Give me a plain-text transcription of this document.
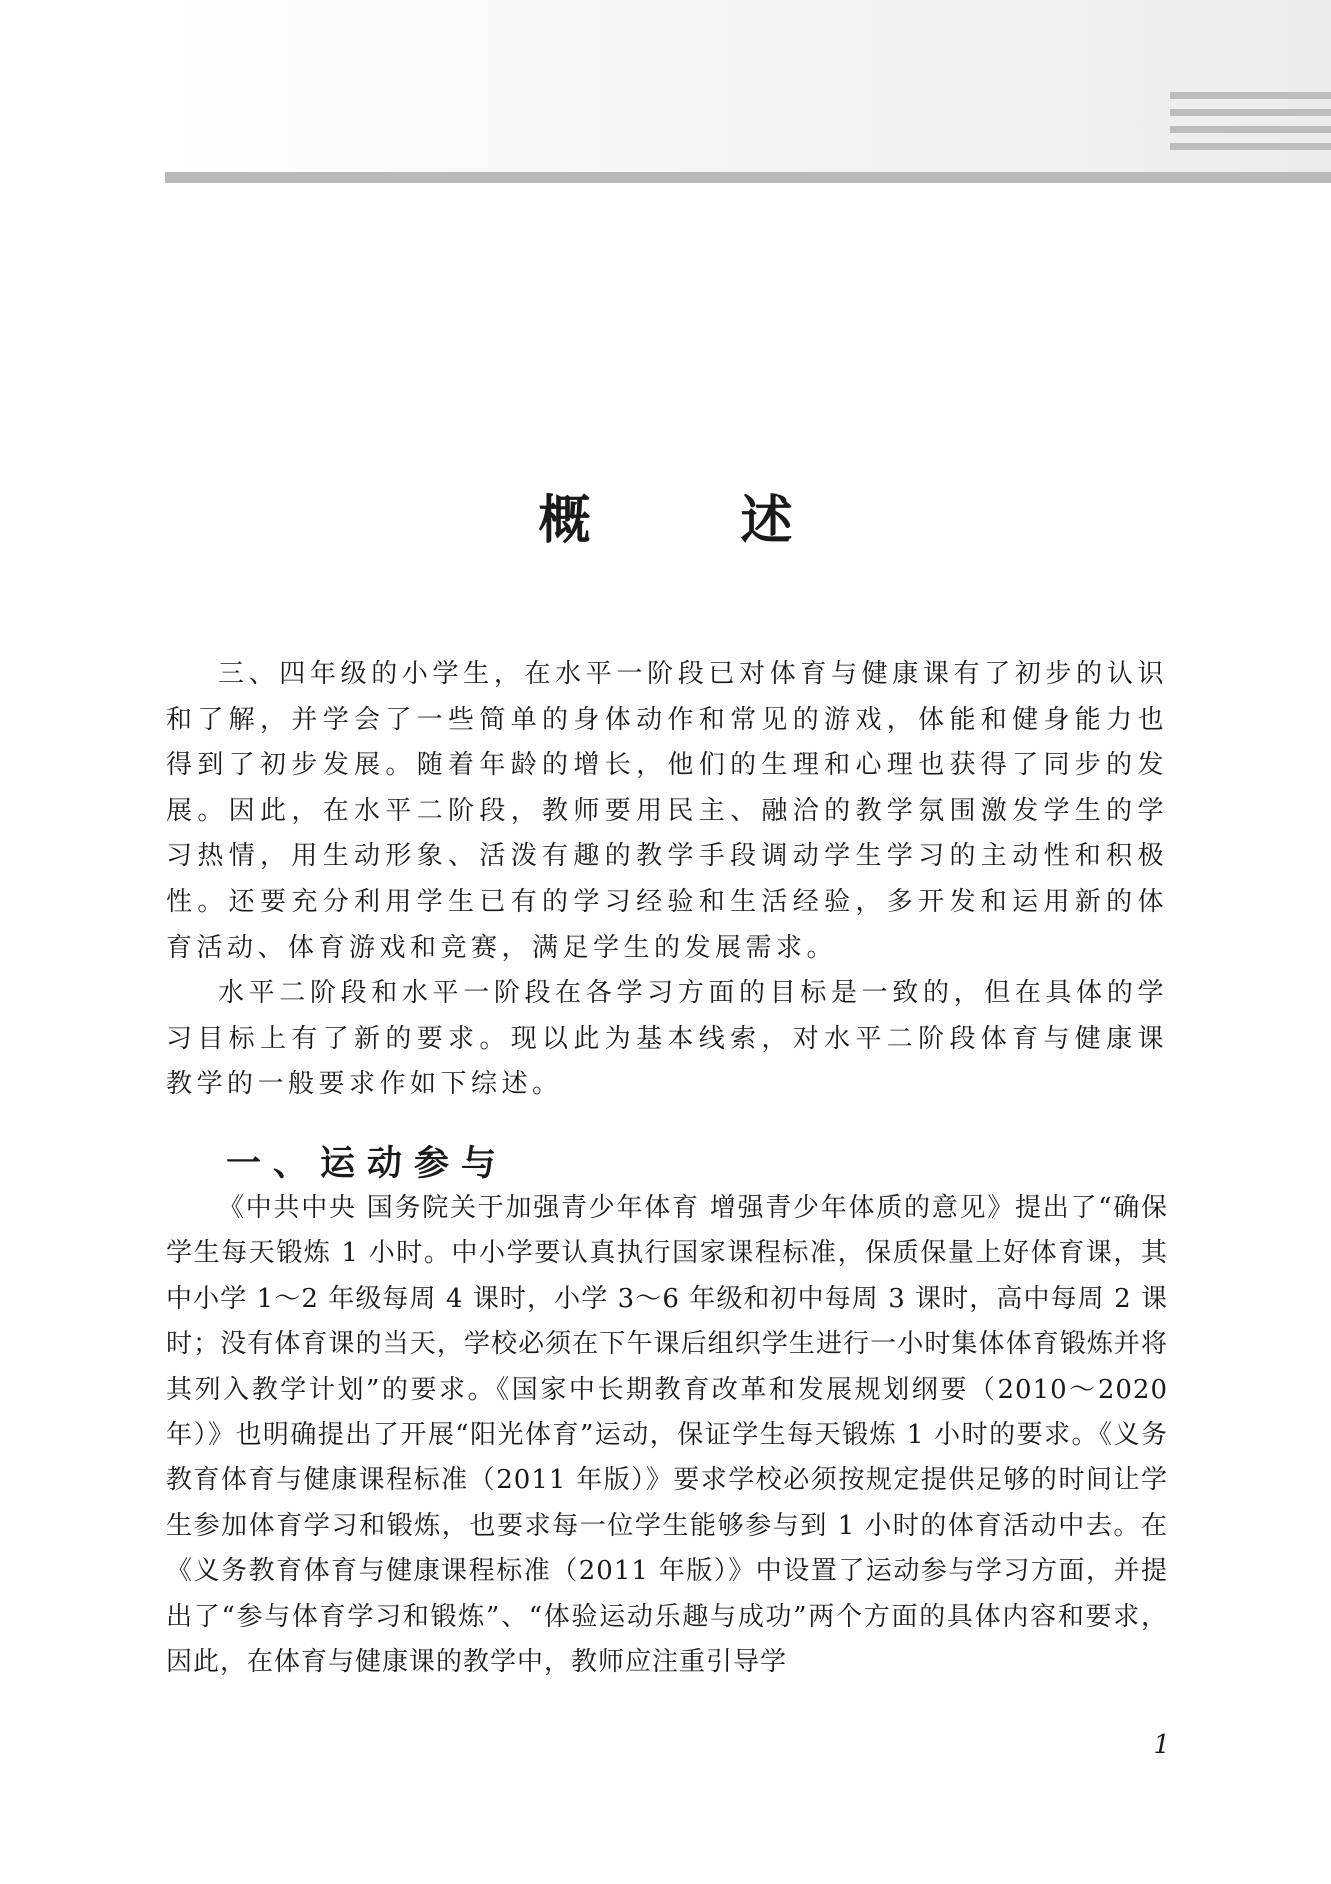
概述

三、四年级的小学生，在水平一阶段已对体育与健康课有了初步的认识和了解，并学会了一些简单的身体动作和常见的游戏，体能和健身能力也得到了初步发展。随着年龄的增长，他们的生理和心理也获得了同步的发展。因此，在水平二阶段，教师要用民主、融洽的教学氛围激发学生的学习热情，用生动形象、活泼有趣的教学手段调动学生学习的主动性和积极性。还要充分利用学生已有的学习经验和生活经验，多开发和运用新的体育活动、体育游戏和竞赛，满足学生的发展需求。

水平二阶段和水平一阶段在各学习方面的目标是一致的，但在具体的学习目标上有了新的要求。现以此为基本线索，对水平二阶段体育与健康课教学的一般要求作如下综述。

一、运动参与

《中共中央 国务院关于加强青少年体育 增强青少年体质的意见》提出了“确保学生每天锻炼 1 小时。中小学要认真执行国家课程标准，保质保量上好体育课，其中小学 1～2 年级每周 4 课时，小学 3～6 年级和初中每周 3 课时，高中每周 2 课时；没有体育课的当天，学校必须在下午课后组织学生进行一小时集体体育锻炼并将其列入教学计划”的要求。《国家中长期教育改革和发展规划纲要（2010～2020 年）》也明确提出了开展“阳光体育”运动，保证学生每天锻炼 1 小时的要求。《义务教育体育与健康课程标准（2011 年版）》要求学校必须按规定提供足够的时间让学生参加体育学习和锻炼，也要求每一位学生能够参与到 1 小时的体育活动中去。在《义务教育体育与健康课程标准（2011 年版）》中设置了运动参与学习方面，并提出了“参与体育学习和锻炼”、“体验运动乐趣与成功”两个方面的具体内容和要求，因此，在体育与健康课的教学中，教师应注重引导学

1
